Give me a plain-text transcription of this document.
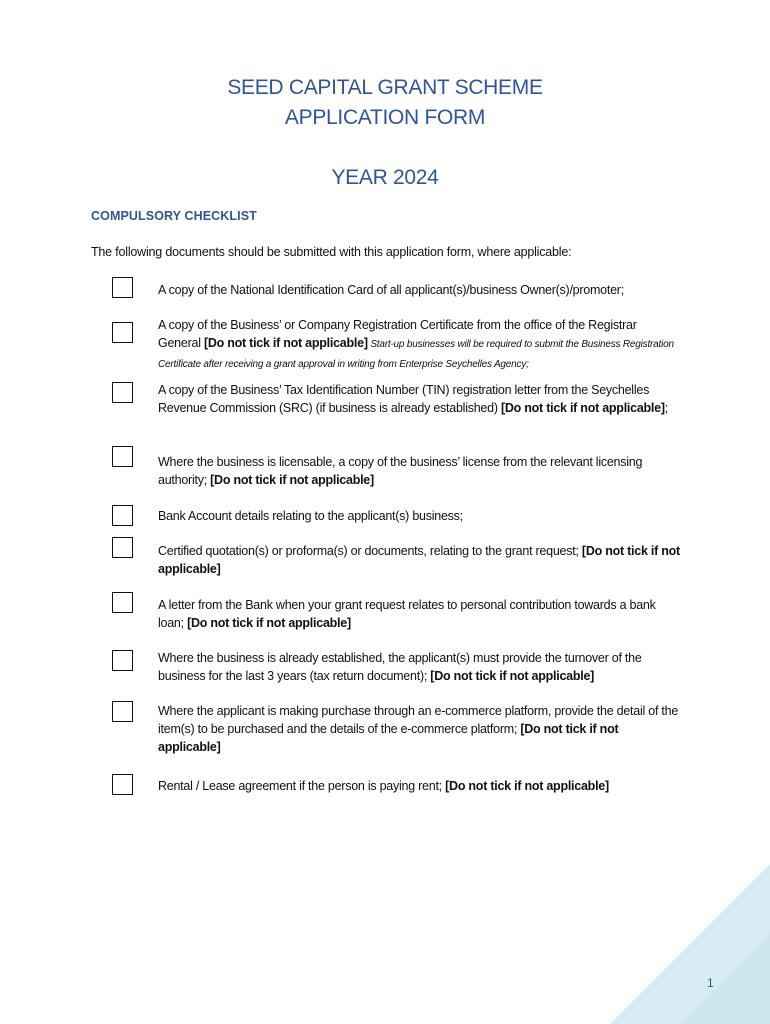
SEED CAPITAL GRANT SCHEME
APPLICATION FORM
YEAR 2024
COMPULSORY CHECKLIST
The following documents should be submitted with this application form, where applicable:
A copy of the National Identification Card of all applicant(s)/business Owner(s)/promoter;
A copy of the Business’ or Company Registration Certificate from the office of the Registrar General [Do not tick if not applicable] Start-up businesses will be required to submit the Business Registration Certificate after receiving a grant approval in writing from Enterprise Seychelles Agency;
A copy of the Business’ Tax Identification Number (TIN) registration letter from the Seychelles Revenue Commission (SRC) (if business is already established) [Do not tick if not applicable];
Where the business is licensable, a copy of the business’ license from the relevant licensing authority; [Do not tick if not applicable]
Bank Account details relating to the applicant(s) business;
Certified quotation(s) or proforma(s) or documents, relating to the grant request; [Do not tick if not applicable]
A letter from the Bank when your grant request relates to personal contribution towards a bank loan; [Do not tick if not applicable]
Where the business is already established, the applicant(s) must provide the turnover of the business for the last 3 years (tax return document); [Do not tick if not applicable]
Where the applicant is making purchase through an e-commerce platform, provide the detail of the item(s) to be purchased and the details of the e-commerce platform; [Do not tick if not applicable]
Rental / Lease agreement if the person is paying rent; [Do not tick if not applicable]
1
